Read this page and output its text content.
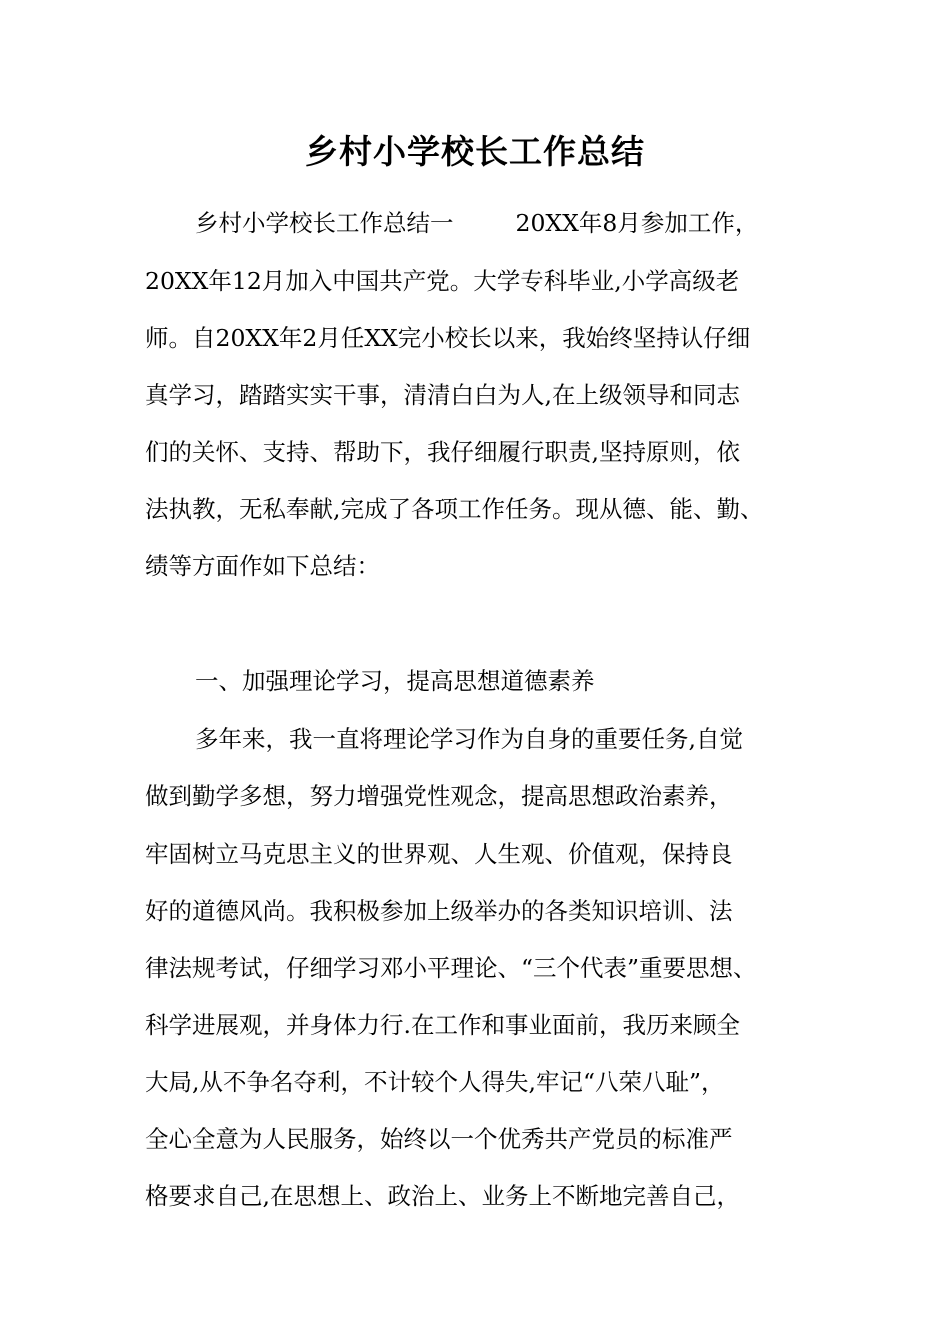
乡村小学校长工作总结

乡村小学校长工作总结一	20XX年8月参加工作，

20XX年12月加入中国共产党。大学专科毕业,小学高级老

师。自20XX年2月任XX完小校长以来，我始终坚持认仔细

真学习，踏踏实实干事，清清白白为人,在上级领导和同志

们的关怀、支持、帮助下，我仔细履行职责,坚持原则，依

法执教，无私奉献,完成了各项工作任务。现从德、能、勤、

绩等方面作如下总结：

一、加强理论学习，提高思想道德素养

多年来，我一直将理论学习作为自身的重要任务,自觉

做到勤学多想，努力增强党性观念，提高思想政治素养，

牢固树立马克思主义的世界观、人生观、价值观，保持良

好的道德风尚。我积极参加上级举办的各类知识培训、法

律法规考试，仔细学习邓小平理论、“三个代表”重要思想、

科学进展观，并身体力行.在工作和事业面前，我历来顾全

大局,从不争名夺利，不计较个人得失,牢记“八荣八耻”，

全心全意为人民服务，始终以一个优秀共产党员的标准严

格要求自己,在思想上、政治上、业务上不断地完善自己，
